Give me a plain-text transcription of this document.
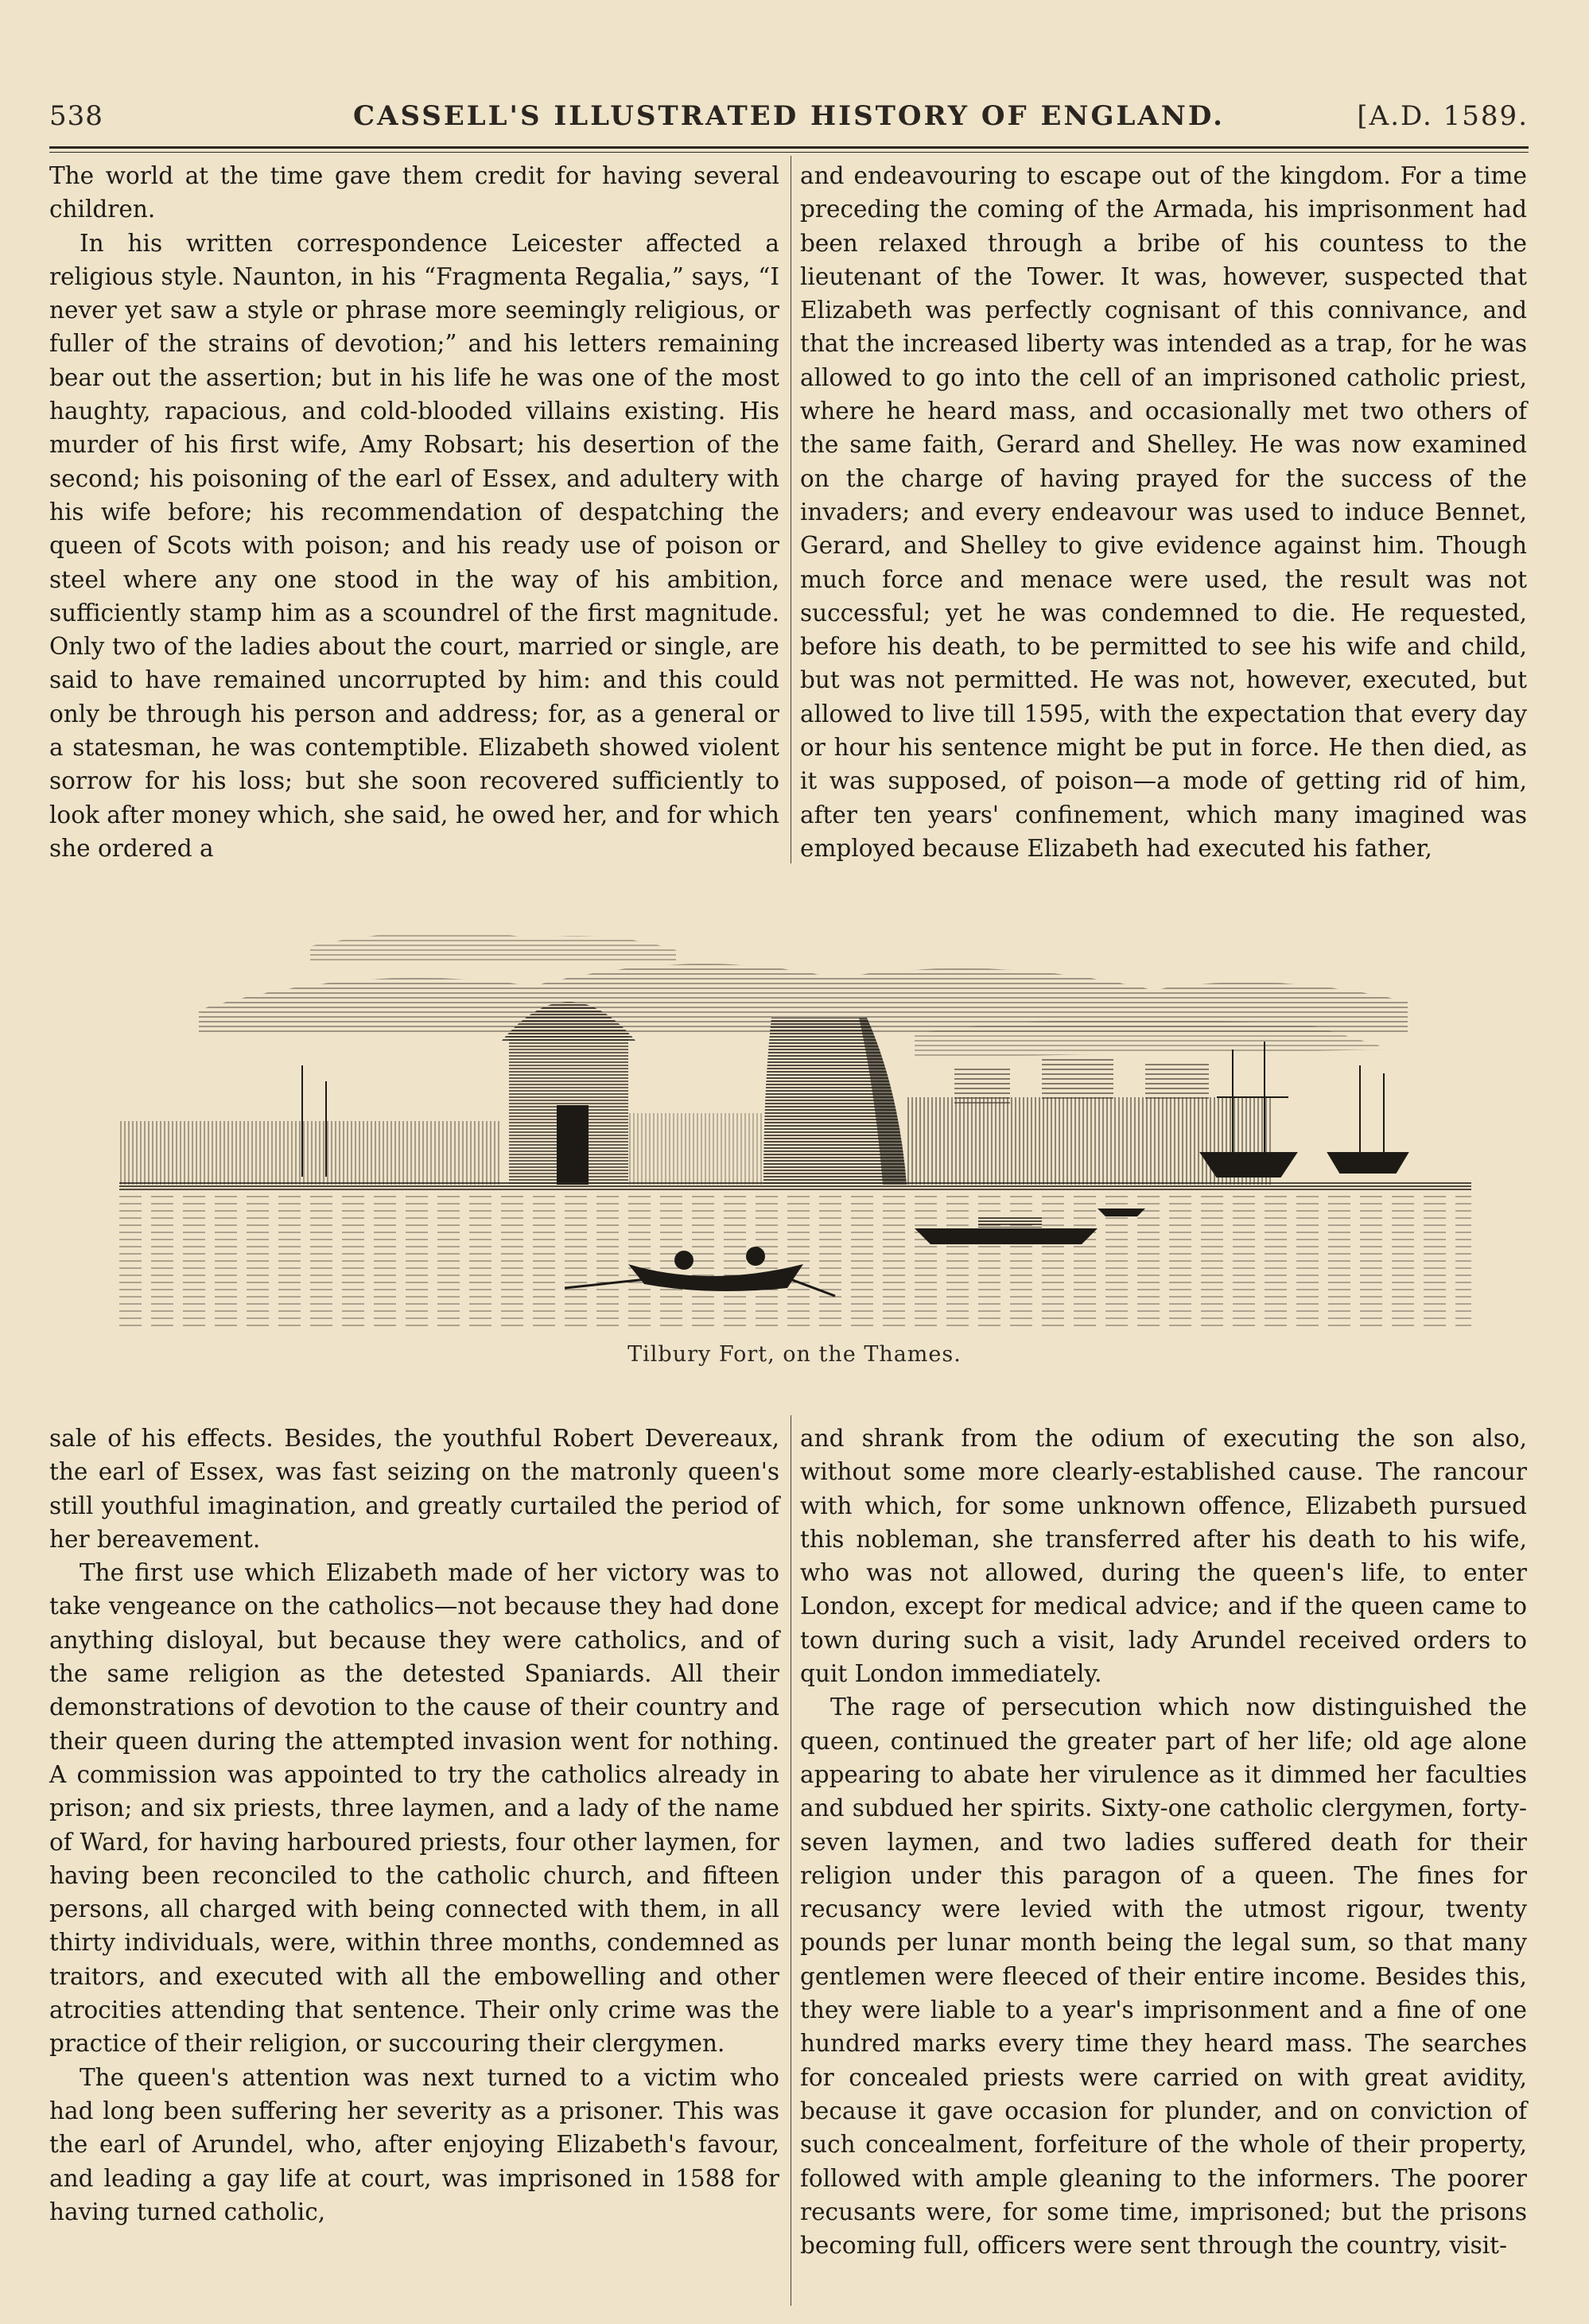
538	CASSELL'S ILLUSTRATED HISTORY OF ENGLAND.	[A.D. 1589.

The world at the time gave them credit for having several children.

In his written correspondence Leicester affected a religious style. Naunton, in his “Fragmenta Regalia,” says, “I never yet saw a style or phrase more seemingly religious, or fuller of the strains of devotion;” and his letters remaining bear out the assertion; but in his life he was one of the most haughty, rapacious, and cold-blooded villains existing. His murder of his first wife, Amy Robsart; his desertion of the second; his poisoning of the earl of Essex, and adultery with his wife before; his recommendation of despatching the queen of Scots with poison; and his ready use of poison or steel where any one stood in the way of his ambition, sufficiently stamp him as a scoundrel of the first magnitude. Only two of the ladies about the court, married or single, are said to have remained uncorrupted by him: and this could only be through his person and address; for, as a general or a statesman, he was contemptible. Elizabeth showed violent sorrow for his loss; but she soon recovered sufficiently to look after money which, she said, he owed her, and for which she ordered a

and endeavouring to escape out of the kingdom. For a time preceding the coming of the Armada, his imprisonment had been relaxed through a bribe of his countess to the lieutenant of the Tower. It was, however, suspected that Elizabeth was perfectly cognisant of this connivance, and that the increased liberty was intended as a trap, for he was allowed to go into the cell of an imprisoned catholic priest, where he heard mass, and occasionally met two others of the same faith, Gerard and Shelley. He was now examined on the charge of having prayed for the success of the invaders; and every endeavour was used to induce Bennet, Gerard, and Shelley to give evidence against him. Though much force and menace were used, the result was not successful; yet he was condemned to die. He requested, before his death, to be permitted to see his wife and child, but was not permitted. He was not, however, executed, but allowed to live till 1595, with the expectation that every day or hour his sentence might be put in force. He then died, as it was supposed, of poison—a mode of getting rid of him, after ten years' confinement, which many imagined was employed because Elizabeth had executed his father,

Tilbury Fort, on the Thames.

sale of his effects. Besides, the youthful Robert Devereaux, the earl of Essex, was fast seizing on the matronly queen's still youthful imagination, and greatly curtailed the period of her bereavement.

The first use which Elizabeth made of her victory was to take vengeance on the catholics—not because they had done anything disloyal, but because they were catholics, and of the same religion as the detested Spaniards. All their demonstrations of devotion to the cause of their country and their queen during the attempted invasion went for nothing. A commission was appointed to try the catholics already in prison; and six priests, three laymen, and a lady of the name of Ward, for having harboured priests, four other laymen, for having been reconciled to the catholic church, and fifteen persons, all charged with being connected with them, in all thirty individuals, were, within three months, condemned as traitors, and executed with all the embowelling and other atrocities attending that sentence. Their only crime was the practice of their religion, or succouring their clergymen.

The queen's attention was next turned to a victim who had long been suffering her severity as a prisoner. This was the earl of Arundel, who, after enjoying Elizabeth's favour, and leading a gay life at court, was imprisoned in 1588 for having turned catholic,

and shrank from the odium of executing the son also, without some more clearly-established cause. The rancour with which, for some unknown offence, Elizabeth pursued this nobleman, she transferred after his death to his wife, who was not allowed, during the queen's life, to enter London, except for medical advice; and if the queen came to town during such a visit, lady Arundel received orders to quit London immediately.

The rage of persecution which now distinguished the queen, continued the greater part of her life; old age alone appearing to abate her virulence as it dimmed her faculties and subdued her spirits. Sixty-one catholic clergymen, forty-seven laymen, and two ladies suffered death for their religion under this paragon of a queen. The fines for recusancy were levied with the utmost rigour, twenty pounds per lunar month being the legal sum, so that many gentlemen were fleeced of their entire income. Besides this, they were liable to a year's imprisonment and a fine of one hundred marks every time they heard mass. The searches for concealed priests were carried on with great avidity, because it gave occasion for plunder, and on conviction of such concealment, forfeiture of the whole of their property, followed with ample gleaning to the informers. The poorer recusants were, for some time, imprisoned; but the prisons becoming full, officers were sent through the country, visit-
